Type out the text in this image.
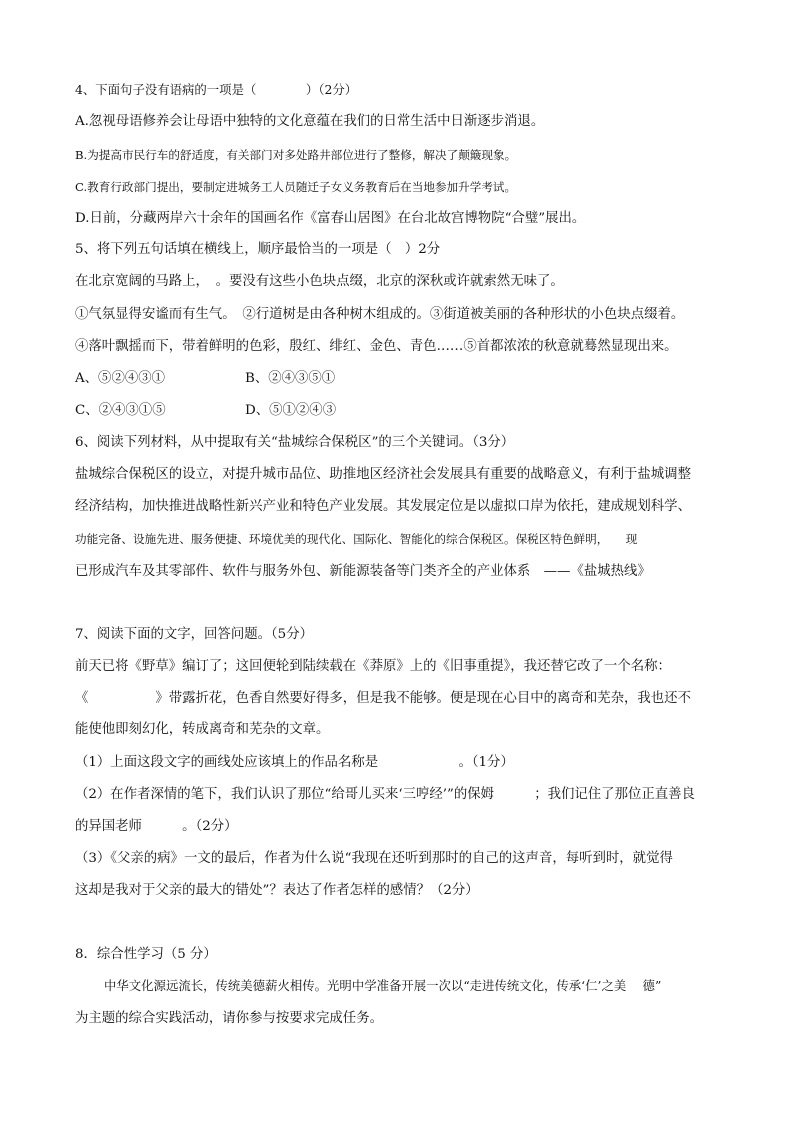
4、下面句子没有语病的一项是（　　　　）（2分）
A.忽视母语修养会让母语中独特的文化意蕴在我们的日常生活中日渐逐步消退。
B.为提高市民行车的舒适度，有关部门对多处路井部位进行了整修，解决了颠簸现象。
C.教育行政部门提出，要制定进城务工人员随迁子女义务教育后在当地参加升学考试。
D.日前，分藏两岸六十余年的国画名作《富春山居图》在台北故宫博物院“合璧”展出。
5、将下列五句话填在横线上，顺序最恰当的一项是（　）2分
在北京宽阔的马路上，　。要没有这些小色块点缀，北京的深秋或许就索然无味了。
①气氛显得安谧而有生气。　②行道树是由各种树木组成的。③街道被美丽的各种形状的小色块点缀着。
④落叶飘摇而下，带着鲜明的色彩，殷红、绯红、金色、青色……⑤首都浓浓的秋意就蓦然显现出来。
A、⑤②④③①	B、②④③⑤①
C、②④③①⑤	D、⑤①②④③
6、阅读下列材料，从中提取有关“盐城综合保税区”的三个关键词。（3分）
盐城综合保税区的设立，对提升城市品位、助推地区经济社会发展具有重要的战略意义，有利于盐城调整
经济结构，加快推进战略性新兴产业和特色产业发展。其发展定位是以虚拟口岸为依托，建成规划科学、
功能完备、设施先进、服务便捷、环境优美的现代化、国际化、智能化的综合保税区。保税区特色鲜明，　　现
已形成汽车及其零部件、软件与服务外包、新能源装备等门类齐全的产业体系　——《盐城热线》
7、阅读下面的文字，回答问题。（5分）
前天已将《野草》编订了；这回便轮到陆续载在《莽原》上的《旧事重提》，我还替它改了一个名称：
《　　　　　》带露折花，色香自然要好得多，但是我不能够。便是现在心目中的离奇和芜杂，我也还不
能使他即刻幻化，转成离奇和芜杂的文章。
（1）上面这段文字的画线处应该填上的作品名称是　　　　　　。（1分）
（2）在作者深情的笔下，我们认识了那位“给哥儿买来‘三哼经’”的保姆　　　；我们记住了那位正直善良
的异国老师　　　。（2分）
（3）《父亲的病》一文的最后，作者为什么说“我现在还听到那时的自己的这声音，每听到时，就觉得
这却是我对于父亲的最大的错处”？表达了作者怎样的感情？（2分）
8．综合性学习（5 分）
中华文化源远流长，传统美德薪火相传。光明中学准备开展一次以“走进传统文化，传承‘仁’之美　 德”
为主题的综合实践活动，请你参与按要求完成任务。
